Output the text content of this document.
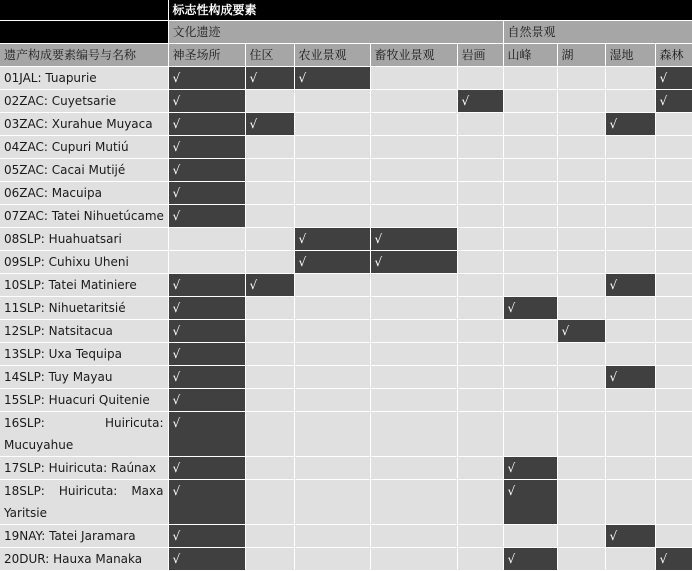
	标志性构成要素								
	文化遗迹					自然景观			
遗产构成要素编号与名称	神圣场所	住区	农业景观	畜牧业景观	岩画	山峰	湖	湿地	森林
01JAL: Tuapurie	√	√	√						√
02ZAC: Cuyetsarie	√				√				√
03ZAC: Xurahue Muyaca	√	√						√	
04ZAC: Cupuri Mutiú	√								
05ZAC: Cacai Mutijé	√								
06ZAC: Macuipa	√								
07ZAC: Tatei Nihuetúcame	√								
08SLP: Huahuatsari			√	√					
09SLP: Cuhixu Uheni			√	√					
10SLP: Tatei Matiniere	√	√						√	
11SLP: Nihuetaritsié	√					√			
12SLP: Natsitacua	√						√		
13SLP: Uxa Tequipa	√								
14SLP: Tuy Mayau	√							√	
15SLP: Huacuri Quitenie	√								

16SLP: Huiricuta:
Mucuyahue	√								
17SLP: Huiricuta: Raúnax	√					√			

18SLP: Huiricuta: Maxa
Yaritsie	√					√			
19NAY: Tatei Jaramara	√							√	
20DUR: Hauxa Manaka	√					√			√
